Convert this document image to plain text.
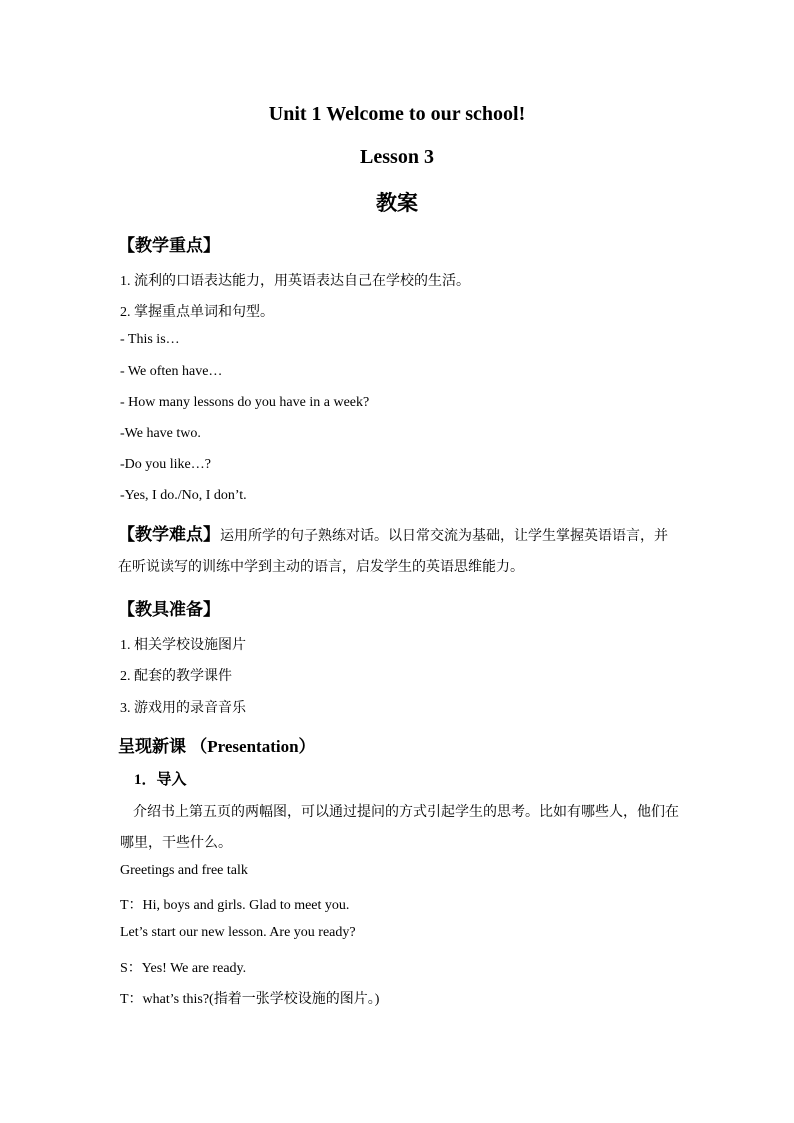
Unit 1 Welcome to our school!
Lesson 3
教案
【教学重点】
1. 流利的口语表达能力，用英语表达自己在学校的生活。
2. 掌握重点单词和句型。
- This is…
- We often have…
- How many lessons do you have in a week?
-We have two.
-Do you like…?
-Yes, I do./No, I don’t.
【教学难点】运用所学的句子熟练对话。以日常交流为基础，让学生掌握英语语言，并
在听说读写的训练中学到主动的语言，启发学生的英语思维能力。
【教具准备】
1. 相关学校设施图片
2. 配套的教学课件
3. 游戏用的录音音乐
呈现新课 （Presentation）
1．导入
介绍书上第五页的两幅图，可以通过提问的方式引起学生的思考。比如有哪些人，他们在
哪里，干些什么。
Greetings and free talk
T：Hi, boys and girls. Glad to meet you.
Let’s start our new lesson. Are you ready?
S：Yes! We are ready.
T：what’s this?(指着一张学校设施的图片。)
